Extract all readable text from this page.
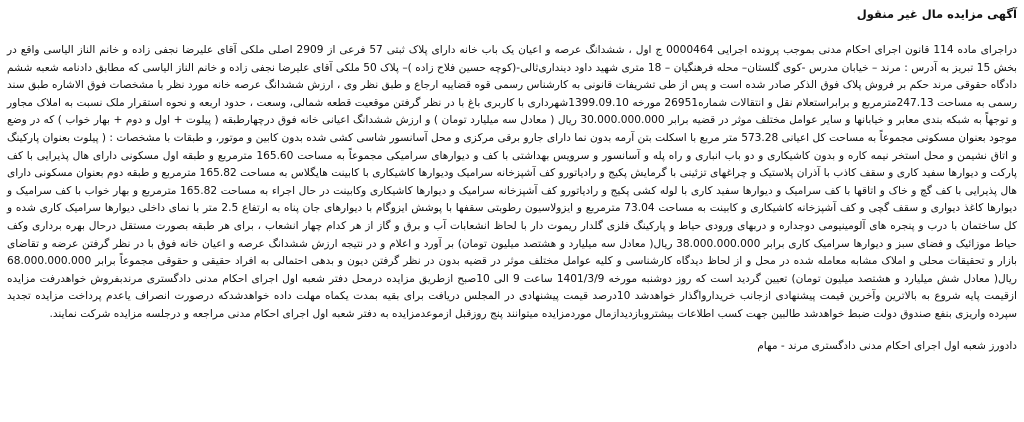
آگهی مزایده مال غیر منقول

دراجرای ماده 114 قانون اجرای احکام مدنی بموجب پرونده اجرایی 0000464 ج اول ، ششدانگ عرصه و اعیان یک باب خانه دارای پلاک ثبتی 57 فرعی از 2909 اصلی ملکی آقای علیرضا نجفی زاده و خانم الناز الیاسی واقع در بخش 15 تبریز به آدرس : مرند – خیابان مدرس -کوی گلستان– محله فرهنگیان – 18 متری شهید داود دینداری‌ثالی-(کوچه حسین فلاح زاده )– پلاک 50 ملکی آقای علیرضا نجفی زاده و خانم الناز الیاسی که مطابق دادنامه شعبه ششم دادگاه حقوقی مرند حکم بر فروش پلاک فوق الذکر صادر شده است و پس از طی تشریفات قانونی به کارشناس رسمی قوه قضاییه ارجاع و طبق نظر وی ، ارزش ششدانگ عرصه خانه مورد نظر با مشخصات فوق الاشاره طبق سند رسمی به مساحت 247.13مترمربع و برابراستعلام نقل و انتقالات شماره26951 مورخه 1399.09.10شهرداری با کاربری باغ با در نظر گرفتن موقعیت قطعه شمالی، وسعت ، حدود اربعه و نحوه استقرار ملک نسبت به املاک مجاور و توجهاً به شبکه بندی معابر و خیابانها و سایر عوامل مختلف موثر در قضیه برابر 30.000.000.000 ریال ( معادل سه میلیارد تومان ) و ارزش ششدانگ اعیانی خانه فوق درچهارطبقه ( پیلوت + اول و دوم + بهار خواب ) که در وضع موجود بعنوان مسکونی مجموعاً به مساحت کل اعیانی 573.28 متر مربع با اسکلت بتن آرمه بدون نما دارای جارو برقی مرکزی و محل آسانسور شاسی کشی شده بدون کابین و موتور، و طبقات با مشخصات : ( پیلوت بعنوان پارکینگ و اتاق نشیمن و محل استخر نیمه کاره و بدون کاشیکاری و دو باب انباری و راه پله و آسانسور و سرویس بهداشتی با کف و دیوارهای سرامیکی مجموعاً به مساحت 165.60 مترمربع و طبقه اول مسکونی دارای هال پذیرایی با کف پارکت و دیوارها سفید کاری و سقف کاذب با آذران پلاستیک و چراغهای تزئینی با گرمایش پکیج و رادیاتورو کف آشپزخانه سرامیک ودیوارها کاشیکاری با کابینت هایگلاس به مساحت 165.82 مترمربع و طبقه دوم بعنوان مسکونی دارای هال پذیرایی با کف گچ و خاک و اتاقها با کف سرامیک و دیوارها سفید کاری با لوله کشی پکیج و رادیاتورو کف آشپزخانه سرامیک و دیوارها کاشیکاری وکابینت در حال اجراء به مساحت 165.82 مترمربع و بهار خواب با کف سرامیک و دیوارها کاغذ دیواری و سقف گچی و کف آشپزخانه کاشیکاری و کابینت به مساحت 73.04 مترمربع و ایزولاسیون رطوبتی سقفها با پوشش ایزوگام با دیوارهای جان پناه به ارتفاع 2.5 متر با نمای داخلی دیوارها سرامیک کاری شده و کل ساختمان با درب و پنجره های آلومینیومی دوجداره و دربهای ورودی حیاط و پارکینگ فلزی گلدار ریموت دار با لحاظ انشعابات آب و برق و گاز از هر کدام چهار انشعاب ، برای هر طبقه بصورت مستقل درحال بهره برداری وکف حیاط موزائیک و فضای سبز و دیوارها سرامیک کاری برابر 38.000.000.000 ریال( معادل سه میلیارد و هشتصد میلیون تومان) بر آورد و اعلام و در نتیجه ارزش ششدانگ عرصه و اعیان خانه فوق با در نظر گرفتن عرضه و تقاضای بازار و تحقیقات محلی و املاک مشابه معامله شده در محل و از لحاظ دیدگاه کارشناسی و کلیه عوامل مختلف موثر در قضیه بدون در نظر گرفتن دیون و بدهی احتمالی به افراد حقیقی و حقوقی مجموعاً برابر 68.000.000.000 ریال( معادل شش میلیارد و هشتصد میلیون تومان) تعیین گردید است که روز دوشنبه مورخه 1401/3/9 ساعت 9 الی 10صبح ازطریق مزایده درمحل دفتر شعبه اول اجرای احکام مدنی دادگستری مرندبفروش خواهدرفت مزایده ازقیمت پایه شروع به بالاترین وآخرین قیمت پیشنهادی ازجانب خریدارواگذار خواهدشد 10درصد قیمت پیشنهادی در المجلس دریافت برای بقیه بمدت یکماه مهلت داده خواهدشدکه درصورت انصراف یاعدم پرداخت مزایده تجدید سپرده واریزی بنفع صندوق دولت ضبط خواهدشد طالبین جهت کسب اطلاعات بیشتروبازدیدازمال موردمزایده میتوانند پنج روزقبل ازموعدمزایده به دفتر شعبه اول اجرای احکام مدنی مراجعه و درجلسه مزایده شرکت نمایند.

دادورز شعبه اول اجرای احکام مدنی دادگستری مرند - مهام
